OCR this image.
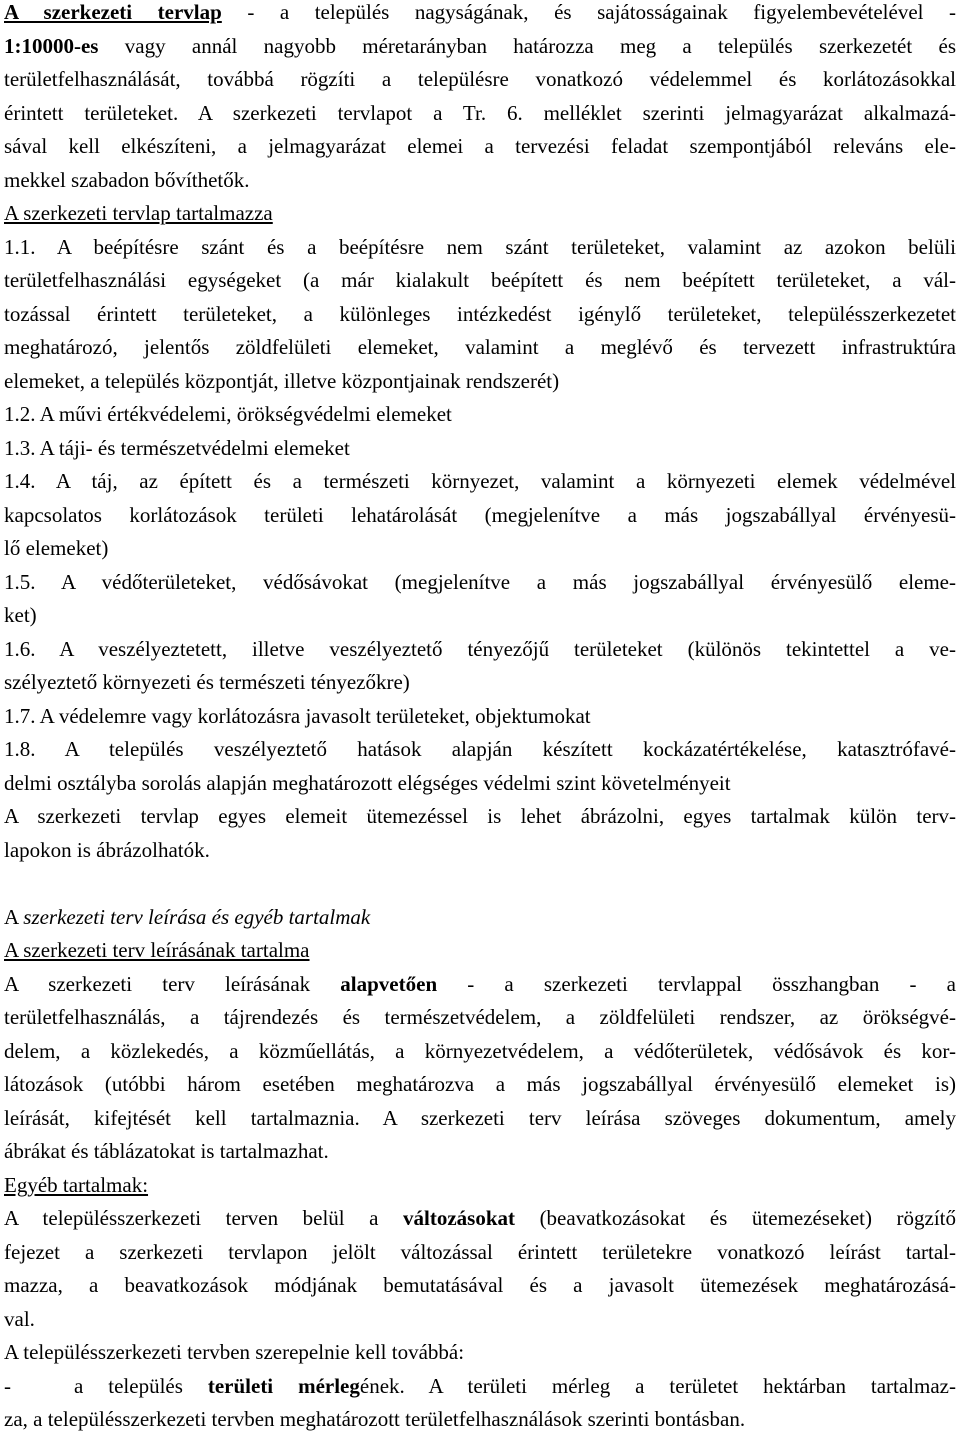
A szerkezeti tervlap - a település nagyságának, és sajátosságainak figyelembevételével -
1:10000-es vagy annál nagyobb méretarányban határozza meg a település szerkezetét és
területfelhasználását, továbbá rögzíti a településre vonatkozó védelemmel és korlátozásokkal
érintett területeket. A szerkezeti tervlapot a Tr. 6. melléklet szerinti jelmagyarázat alkalmazá-
sával kell elkészíteni, a jelmagyarázat elemei a tervezési feladat szempontjából releváns ele-
mekkel szabadon bővíthetők.
A szerkezeti tervlap tartalmazza
1.1. A beépítésre szánt és a beépítésre nem szánt területeket, valamint az azokon belüli
területfelhasználási egységeket (a már kialakult beépített és nem beépített területeket, a vál-
tozással érintett területeket, a különleges intézkedést igénylő területeket, településszerkezetet
meghatározó, jelentős zöldfelületi elemeket, valamint a meglévő és tervezett infrastruktúra
elemeket, a település központját, illetve központjainak rendszerét)
1.2. A művi értékvédelemi, örökségvédelmi elemeket
1.3. A táji- és természetvédelmi elemeket
1.4. A táj, az épített és a természeti környezet, valamint a környezeti elemek védelmével
kapcsolatos korlátozások területi lehatárolását (megjelenítve a más jogszabállyal érvényesü-
lő elemeket)
1.5. A védőterületeket, védősávokat (megjelenítve a más jogszabállyal érvényesülő eleme-
ket)
1.6. A veszélyeztetett, illetve veszélyeztető tényezőjű területeket (különös tekintettel a ve-
szélyeztető környezeti és természeti tényezőkre)
1.7. A védelemre vagy korlátozásra javasolt területeket, objektumokat
1.8. A település veszélyeztető hatások alapján készített kockázatértékelése, katasztrófavé-
delmi osztályba sorolás alapján meghatározott elégséges védelmi szint követelményeit
A szerkezeti tervlap egyes elemeit ütemezéssel is lehet ábrázolni, egyes tartalmak külön terv-
lapokon is ábrázolhatók.
A szerkezeti terv leírása és egyéb tartalmak
A szerkezeti terv leírásának tartalma
A szerkezeti terv leírásának alapvetően - a szerkezeti tervlappal összhangban - a
területfelhasználás, a tájrendezés és természetvédelem, a zöldfelületi rendszer, az örökségvé-
delem, a közlekedés, a közműellátás, a környezetvédelem, a védőterületek, védősávok és kor-
látozások (utóbbi három esetében meghatározva a más jogszabállyal érvényesülő elemeket is)
leírását, kifejtését kell tartalmaznia. A szerkezeti terv leírása szöveges dokumentum, amely
ábrákat és táblázatokat is tartalmazhat.
Egyéb tartalmak:
A településszerkezeti terven belül a változásokat (beavatkozásokat és ütemezéseket) rögzítő
fejezet a szerkezeti tervlapon jelölt változással érintett területekre vonatkozó leírást tartal-
mazza, a beavatkozások módjának bemutatásával és a javasolt ütemezések meghatározásá-
val.
A településszerkezeti tervben szerepelnie kell továbbá:
-	a település területi mérlegének. A területi mérleg a területet hektárban tartalmaz-
za, a településszerkezeti tervben meghatározott területfelhasználások szerinti bontásban.
